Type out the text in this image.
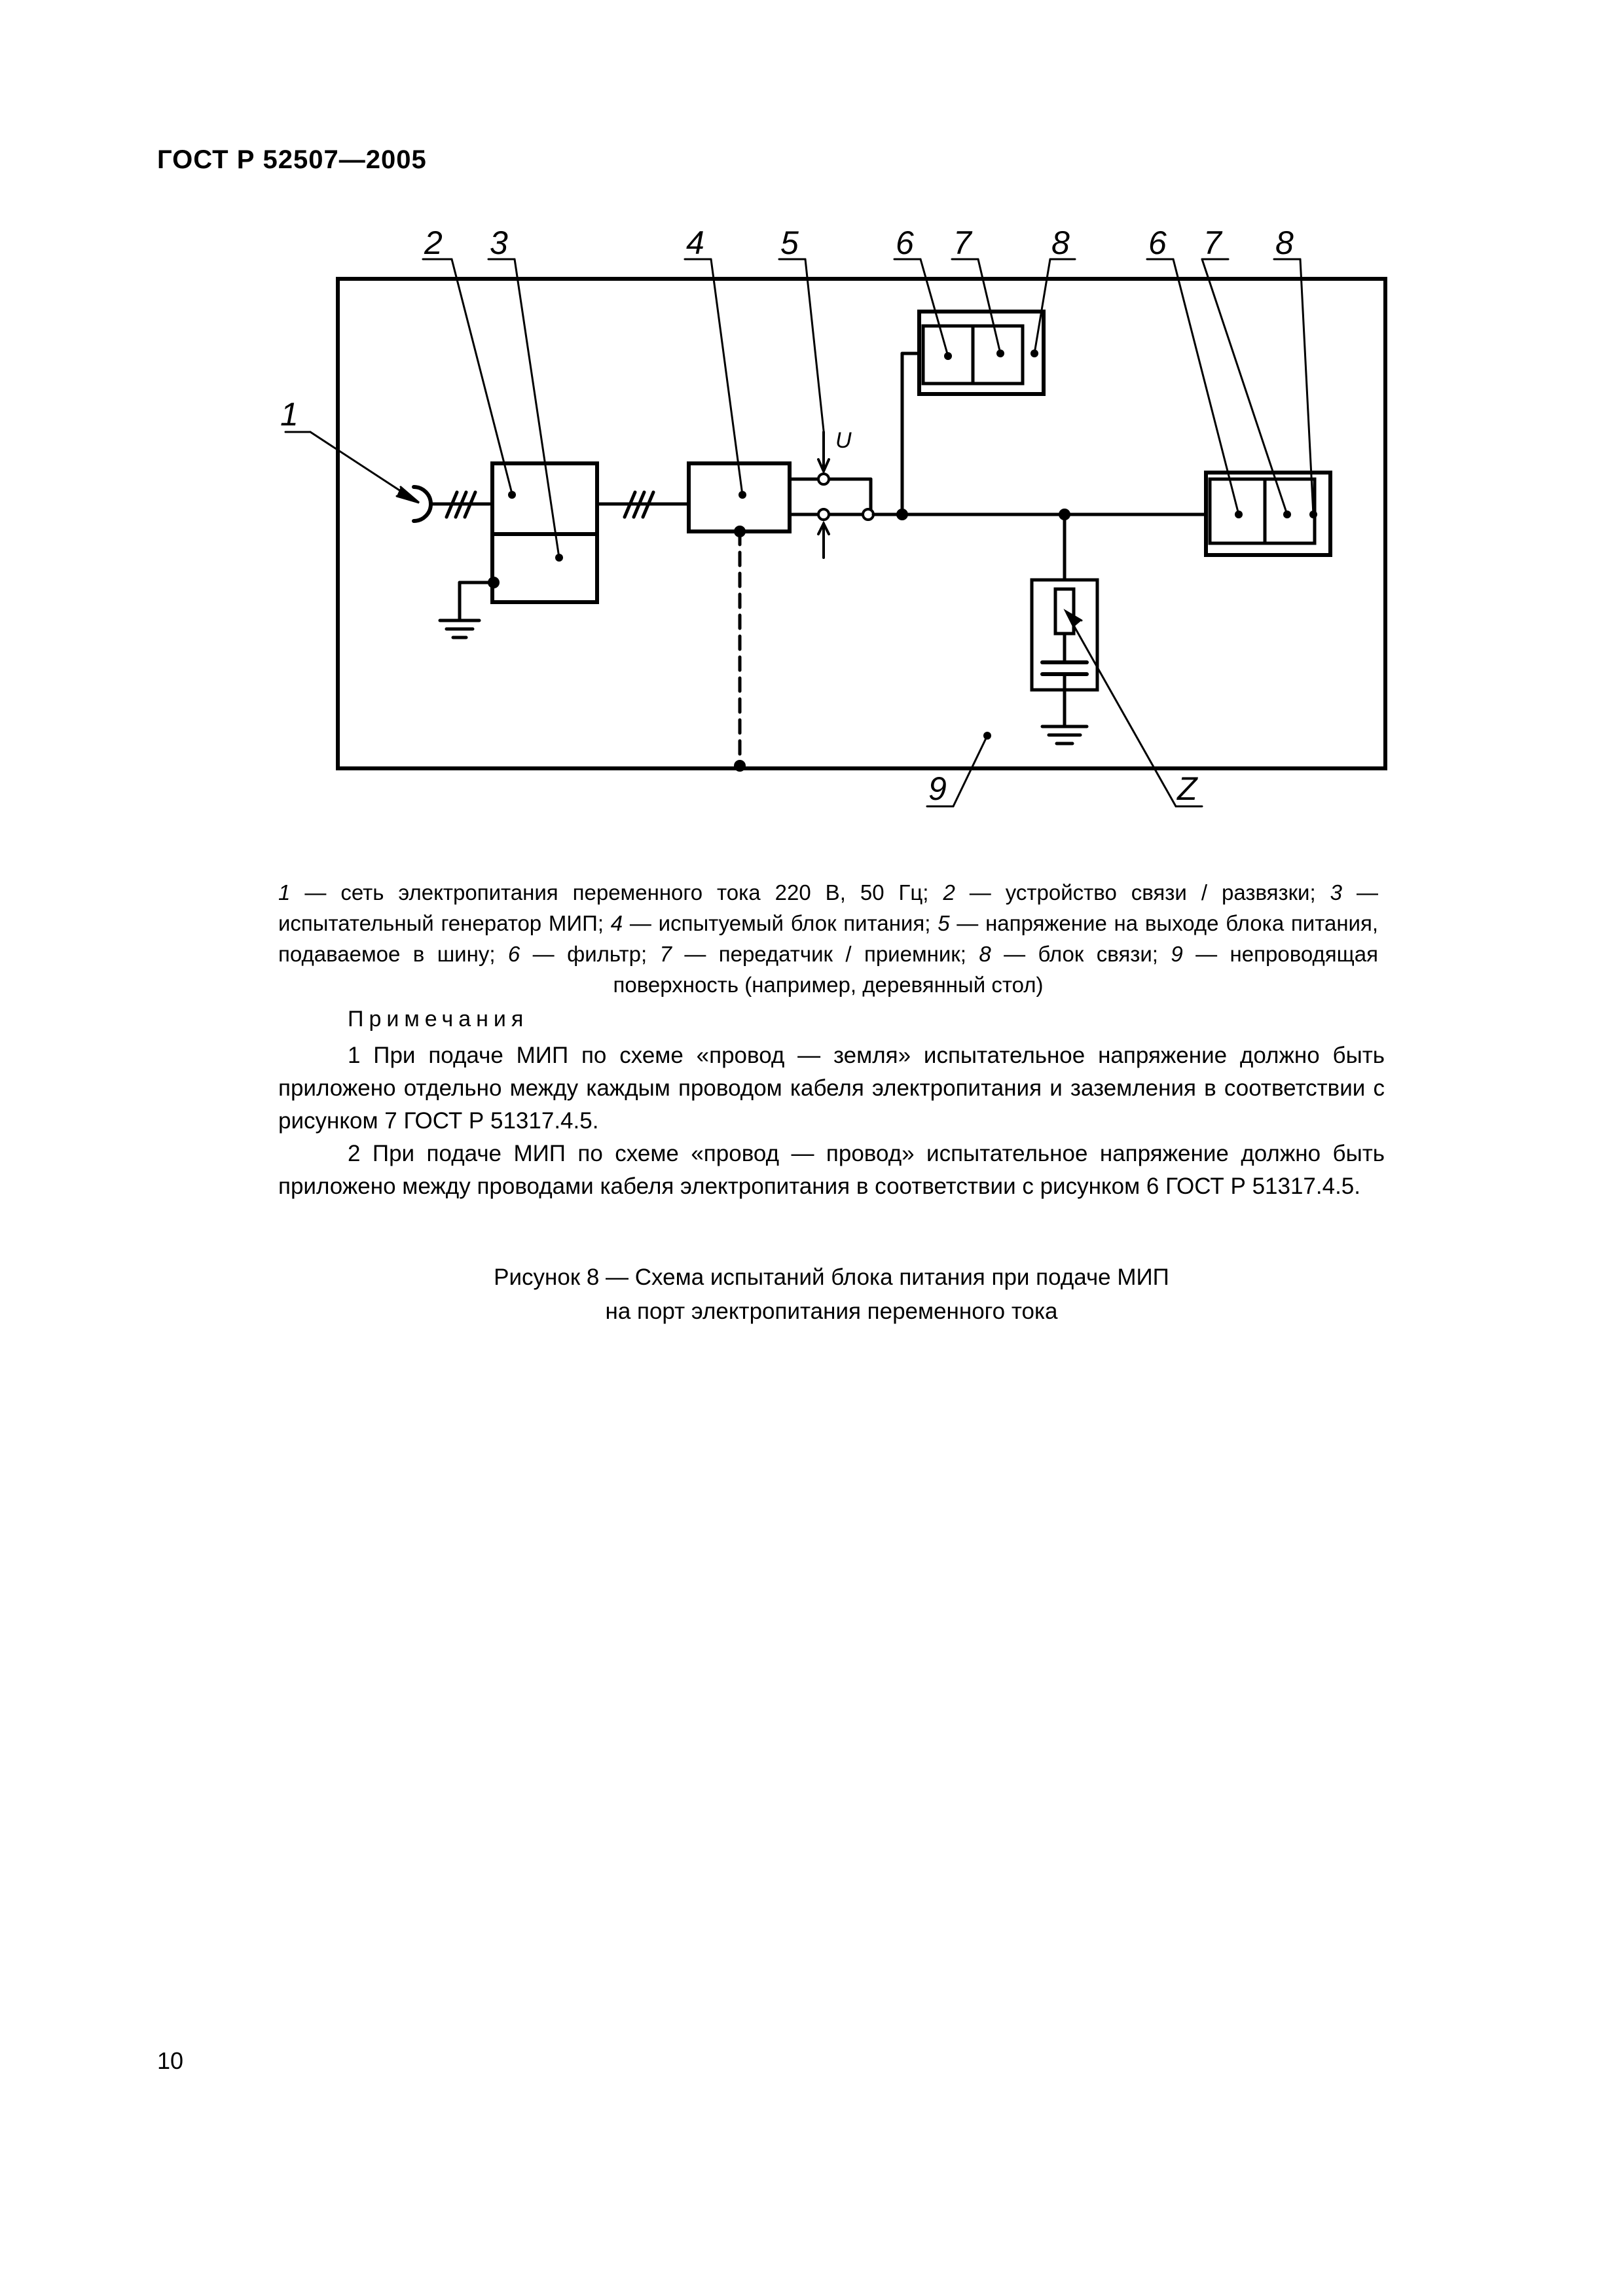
ГОСТ Р 52507—2005
1
2 3	4 5	6 7 8 6 7 8
9	Z
U
1 — сеть электропитания переменного тока 220 В, 50 Гц; 2 — устройство связи / развязки; 3 — испытательный генератор МИП; 4 — испытуемый блок питания; 5 — напряжение на выходе блока питания, подаваемое в шину; 6 — фильтр; 7 — передатчик / приемник; 8 — блок связи; 9 — непроводящая поверхность (например, деревянный стол)
Примечания

1 При подаче МИП по схеме «провод — земля» испытательное напряжение должно быть приложено отдельно между каждым проводом кабеля электропитания и заземления в соответствии с рисунком 7 ГОСТ Р 51317.4.5.

2 При подаче МИП по схеме «провод — провод» испытательное напряжение должно быть приложено между проводами кабеля электропитания в соответствии с рисунком 6 ГОСТ Р 51317.4.5.

Рисунок 8 — Схема испытаний блока питания при подаче МИП
на порт электропитания переменного тока
10
